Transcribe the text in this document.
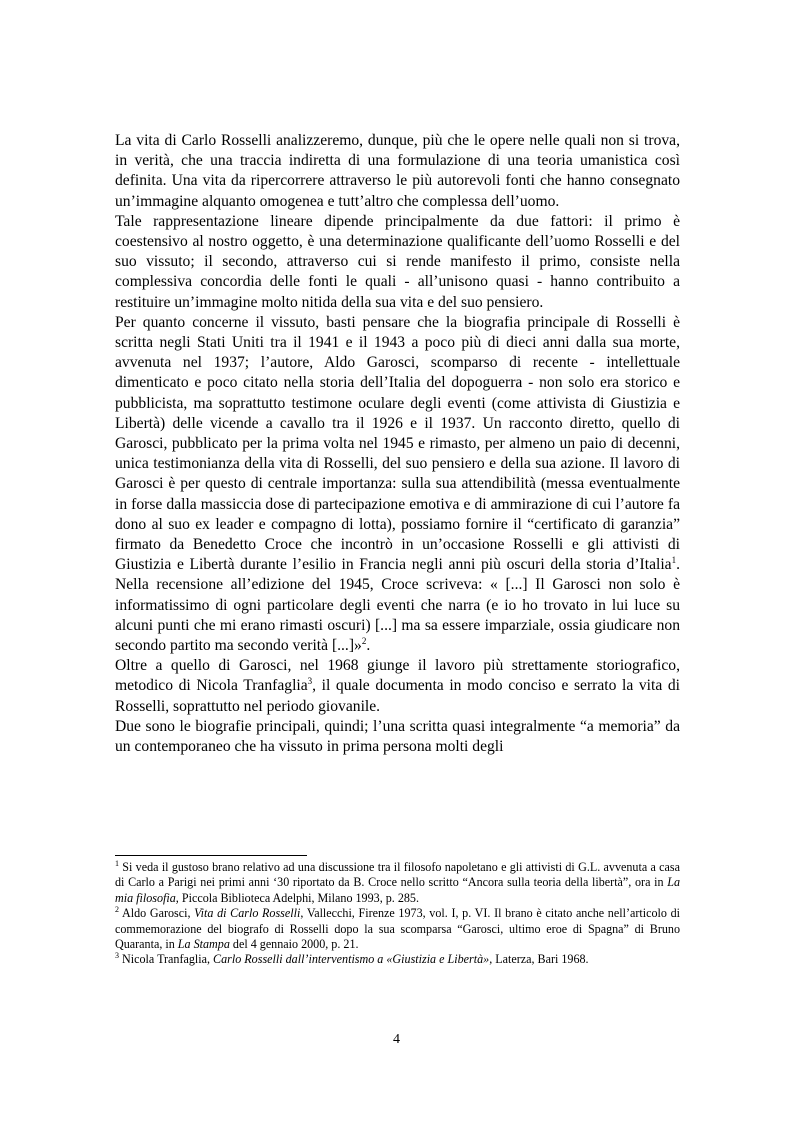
La vita di Carlo Rosselli analizzeremo, dunque, più che le opere nelle quali non si trova, in verità, che una traccia indiretta di una formulazione di una teoria umanistica così definita. Una vita da ripercorrere attraverso le più autorevoli fonti che hanno consegnato un’immagine alquanto omogenea e tutt’altro che complessa dell’uomo.

Tale rappresentazione lineare dipende principalmente da due fattori: il primo è coestensivo al nostro oggetto, è una determinazione qualificante dell’uomo Rosselli e del suo vissuto; il secondo, attraverso cui si rende manifesto il primo, consiste nella complessiva concordia delle fonti le quali - all’unisono quasi - hanno contribuito a restituire un’immagine molto nitida della sua vita e del suo pensiero.

Per quanto concerne il vissuto, basti pensare che la biografia principale di Rosselli è scritta negli Stati Uniti tra il 1941 e il 1943 a poco più di dieci anni dalla sua morte, avvenuta nel 1937; l’autore, Aldo Garosci, scomparso di recente - intellettuale dimenticato e poco citato nella storia dell’Italia del dopoguerra - non solo era storico e pubblicista, ma soprattutto testimone oculare degli eventi (come attivista di Giustizia e Libertà) delle vicende a cavallo tra il 1926 e il 1937. Un racconto diretto, quello di Garosci, pubblicato per la prima volta nel 1945 e rimasto, per almeno un paio di decenni, unica testimonianza della vita di Rosselli, del suo pensiero e della sua azione. Il lavoro di Garosci è per questo di centrale importanza: sulla sua attendibilità (messa eventualmente in forse dalla massiccia dose di partecipazione emotiva e di ammirazione di cui l’autore fa dono al suo ex leader e compagno di lotta), possiamo fornire il “certificato di garanzia” firmato da Benedetto Croce che incontrò in un’occasione Rosselli e gli attivisti di Giustizia e Libertà durante l’esilio in Francia negli anni più oscuri della storia d’Italia$^1$. Nella recensione all’edizione del 1945, Croce scriveva: « [...] Il Garosci non solo è informatissimo di ogni particolare degli eventi che narra (e io ho trovato in lui luce su alcuni punti che mi erano rimasti oscuri) [...] ma sa essere imparziale, ossia giudicare non secondo partito ma secondo verità [...]»$^2$.

Oltre a quello di Garosci, nel 1968 giunge il lavoro più strettamente storiografico, metodico di Nicola Tranfaglia$^3$, il quale documenta in modo conciso e serrato la vita di Rosselli, soprattutto nel periodo giovanile.

Due sono le biografie principali, quindi; l’una scritta quasi integralmente “a memoria” da un contemporaneo che ha vissuto in prima persona molti degli

$^1$ Si veda il gustoso brano relativo ad una discussione tra il filosofo napoletano e gli attivisti di G.L. avvenuta a casa di Carlo a Parigi nei primi anni ‘30 riportato da B. Croce nello scritto “Ancora sulla teoria della libertà”, ora in La mia filosofia, Piccola Biblioteca Adelphi, Milano 1993, p. 285.

$^2$ Aldo Garosci, Vita di Carlo Rosselli, Vallecchi, Firenze 1973, vol. I, p. VI. Il brano è citato anche nell’articolo di commemorazione del biografo di Rosselli dopo la sua scomparsa “Garosci, ultimo eroe di Spagna” di Bruno Quaranta, in La Stampa del 4 gennaio 2000, p. 21.

$^3$ Nicola Tranfaglia, Carlo Rosselli dall’interventismo a «Giustizia e Libertà», Laterza, Bari 1968.

4
